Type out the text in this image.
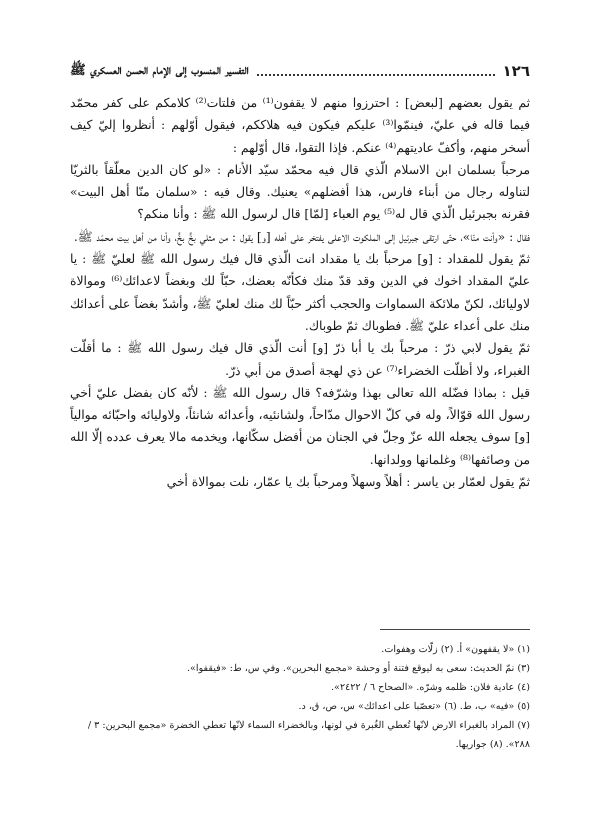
١٢٦
التفسير المنسوب إلى الإمام الحسن العسكري ﷺ

ثم يقول بعضهم [لبعض] : احترزوا منهم لا يقفون⁽¹⁾ من فلتات⁽²⁾ كلامكم على كفر محمّد فيما قاله في عليّ، فينمّوا⁽³⁾ عليكم فيكون فيه هلاككم، فيقول أوّلهم : أنظروا إليّ كيف أسخر منهم، وأكفّ عاديتهم⁽⁴⁾ عنكم. فإذا التقوا، قال أوّلهم :

مرحباً بسلمان ابن الاسلام الّذي قال فيه محمّد سيّد الأنام : «لو كان الدين معلّقاً بالثريّا لتناوله رجال من أبناء فارس، هذا أفضلهم» يعنيك. وقال فيه : «سلمان منّا أهل البيت» فقرنه بجبرئيل الّذي قال له⁽⁵⁾ يوم العباء [لمّا] قال لرسول الله ﷺ : وأنا منكم؟

فقال : «وأنت منّا»، حتّى ارتقى جبرئيل إلى الملكوت الاعلى يفتخر على أهله [و] يقول : من مثلي بخٍّ بخٍّ، وأنا من أهل بيت محمّد ﷺ.

ثمّ يقول للمقداد : [و] مرحباً بك يا مقداد انت الّذي قال فيك رسول الله ﷺ لعليّ ﷺ : يا عليّ المقداد اخوك في الدين وقد قدّ منك فكأنّه بعضك، حبّاً لك وبغضاً لاعدائك⁽⁶⁾ وموالاة لاوليائك، لكنّ ملائكة السماوات والحجب أكثر حبّاً لك منك لعليّ ﷺ، وأشدّ بغضاً على أعدائك منك على أعداء عليّ ﷺ. فطوباك ثمّ طوباك.

ثمّ يقول لابي ذرّ : مرحباً بك يا أبا ذرّ [و] أنت الّذي قال فيك رسول الله ﷺ : ما أقلّت الغبراء، ولا أظلّت الخضراء⁽⁷⁾ عن ذي لهجة أصدق من أبي ذرّ.

قيل : بماذا فضّله الله تعالى بهذا وشرّفه؟ قال رسول الله ﷺ : لأنّه كان بفضل عليّ أخي رسول الله قوّالاً، وله في كلّ الاحوال مدّاحاً، ولشانئيه، وأعدائه شانئاً، ولاوليائه واحبّائه موالياً [و] سوف يجعله الله عزّ وجلّ في الجنان من أفضل سكّانها، ويخدمه مالا يعرف عدده إلّا الله من وصائفها⁽⁸⁾ وغلمانها وولدانها.

ثمّ يقول لعمّار بن ياسر : أهلاً وسهلاً ومرحباً بك يا عمّار، نلت بموالاة أخي

(١) «لا يقفهون» أ. (٢) زلّات وهفوات.

(٣) نمّ الحديث: سعى به ليوقع فتنة أو وحشة «مجمع البحرين». وفي س، ط: «فيقفوا».

(٤) عادية فلان: ظلمه وشرّه. «الصحاح ٦ / ٢٤٢٢».

(٥) «فيه» ب، ط. (٦) «تعصّبا على اعدائك» س، ص، ق، د.

(٧) المراد بالغبراء الارض لانّها تُعطي الغُبرة في لونها، وبالخضراء السماء لانّها تعطي الخضرة «مجمع البحرين: ٣ / ٢٨٨». (٨) جواريها.
